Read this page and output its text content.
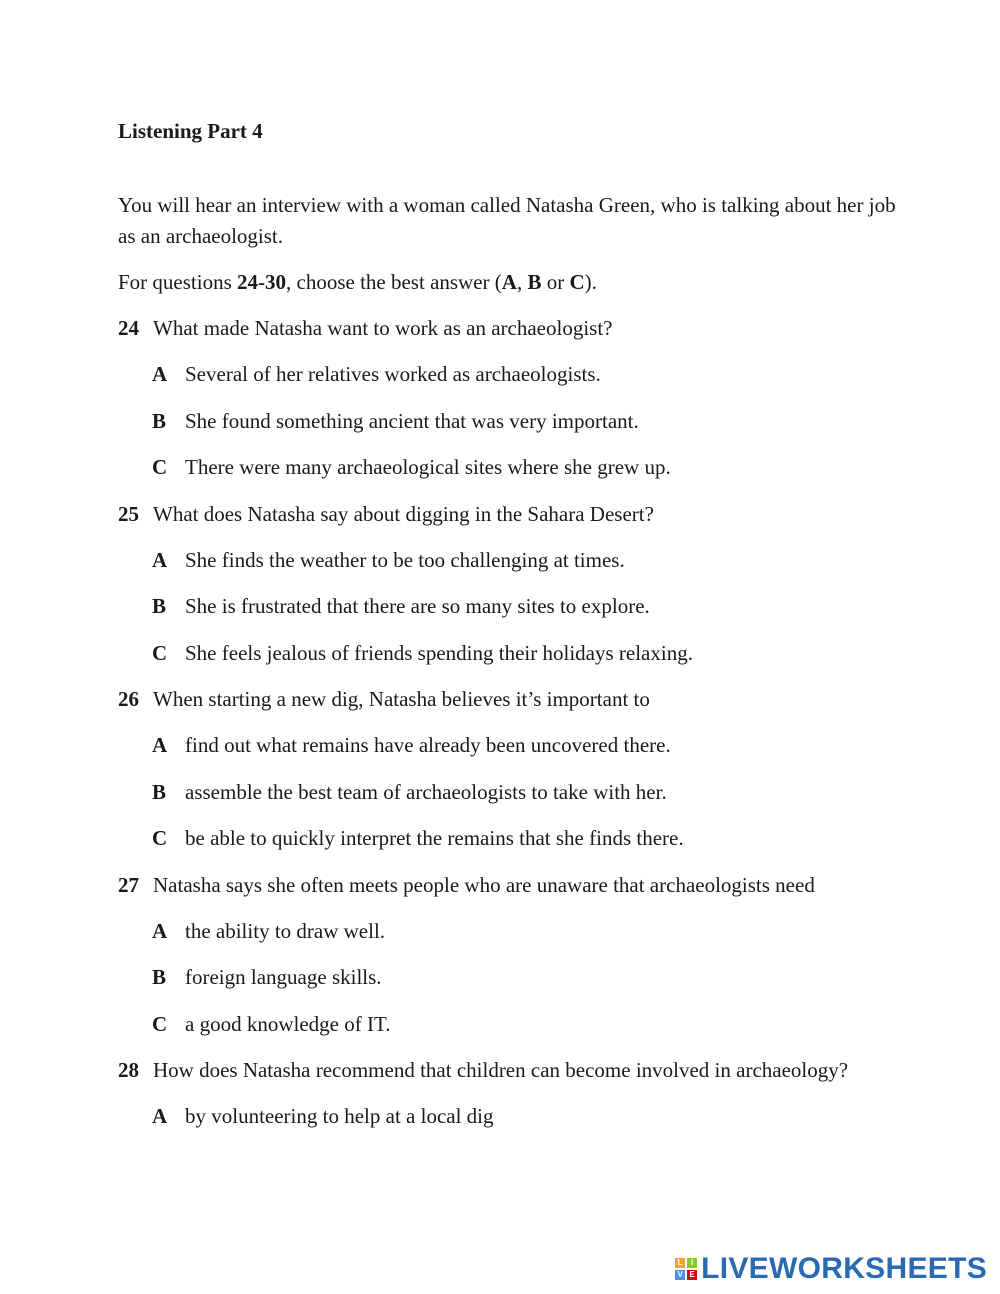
Listening Part 4
You will hear an interview with a woman called Natasha Green, who is talking about her job as an archaeologist.
For questions 24-30, choose the best answer (A, B or C).
24 What made Natasha want to work as an archaeologist?
A Several of her relatives worked as archaeologists.
B She found something ancient that was very important.
C There were many archaeological sites where she grew up.
25 What does Natasha say about digging in the Sahara Desert?
A She finds the weather to be too challenging at times.
B She is frustrated that there are so many sites to explore.
C She feels jealous of friends spending their holidays relaxing.
26 When starting a new dig, Natasha believes it’s important to
A find out what remains have already been uncovered there.
B assemble the best team of archaeologists to take with her.
C be able to quickly interpret the remains that she finds there.
27 Natasha says she often meets people who are unaware that archaeologists need
A the ability to draw well.
B foreign language skills.
C a good knowledge of IT.
28 How does Natasha recommend that children can become involved in archaeology?
A by volunteering to help at a local dig
L	I
V E LIVEWORKSHEETS
